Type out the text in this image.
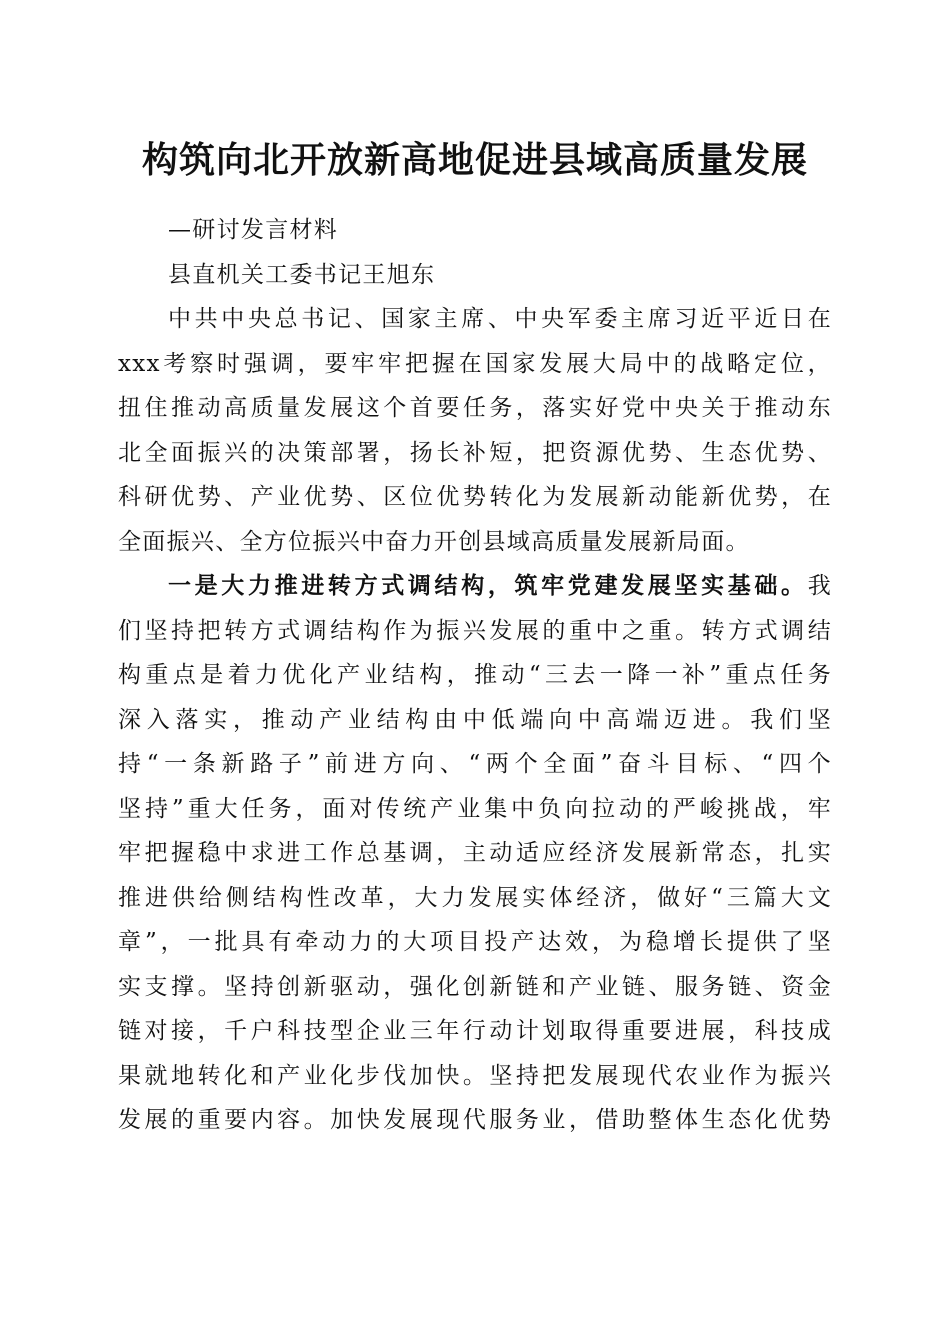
构筑向北开放新高地促进县域高质量发展
—研讨发言材料
县直机关工委书记王旭东
中共中央总书记、国家主席、中央军委主席习近平近日在
xxx考察时强调，要牢牢把握在国家发展大局中的战略定位，
扭住推动高质量发展这个首要任务，落实好党中央关于推动东
北全面振兴的决策部署，扬长补短，把资源优势、生态优势、
科研优势、产业优势、区位优势转化为发展新动能新优势，在
全面振兴、全方位振兴中奋力开创县域高质量发展新局面。
一是大力推进转方式调结构，筑牢党建发展坚实基础。我
们坚持把转方式调结构作为振兴发展的重中之重。转方式调结
构重点是着力优化产业结构，推动“三去一降一补”重点任务
深入落实，推动产业结构由中低端向中高端迈进。我们坚
持“一条新路子”前进方向、“两个全面”奋斗目标、“四个
坚持”重大任务，面对传统产业集中负向拉动的严峻挑战，牢
牢把握稳中求进工作总基调，主动适应经济发展新常态，扎实
推进供给侧结构性改革，大力发展实体经济，做好“三篇大文
章”，一批具有牵动力的大项目投产达效，为稳增长提供了坚
实支撑。坚持创新驱动，强化创新链和产业链、服务链、资金
链对接，千户科技型企业三年行动计划取得重要进展，科技成
果就地转化和产业化步伐加快。坚持把发展现代农业作为振兴
发展的重要内容。加快发展现代服务业，借助整体生态化优势
